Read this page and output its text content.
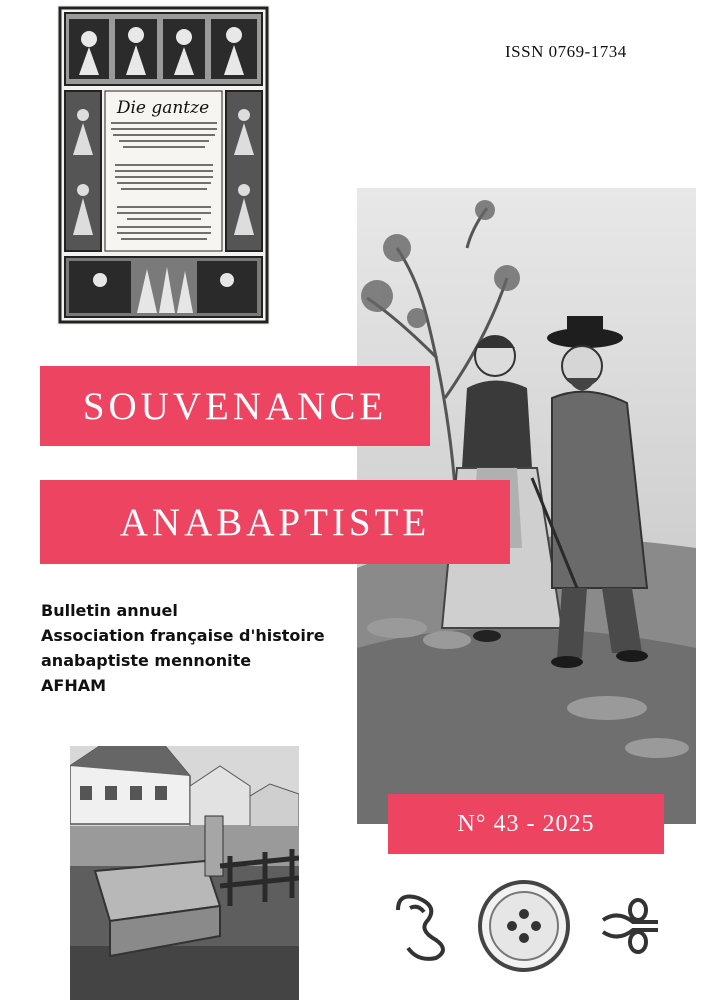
Die gantze
ISSN 0769-1734
SOUVENANCE
ANABAPTISTE
Bulletin annuel
Association française d'histoire
anabaptiste mennonite
AFHAM
N° 43 - 2025
